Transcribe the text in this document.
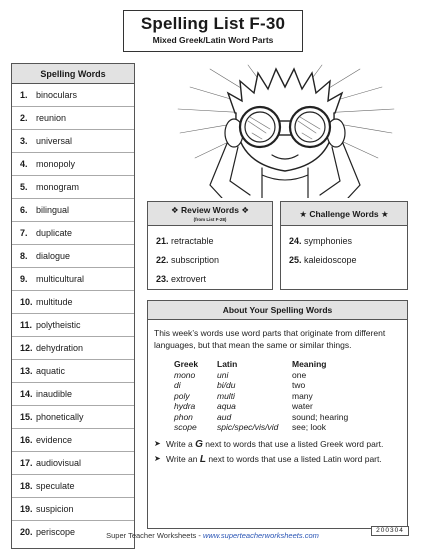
Spelling List F-30
Mixed Greek/Latin Word Parts
Spelling Words
1. binoculars
2. reunion
3. universal
4. monopoly
5. monogram
6. bilingual
7. duplicate
8. dialogue
9. multicultural
10. multitude
11. polytheistic
12. dehydration
13. aquatic
14. inaudible
15. phonetically
16. evidence
17. audiovisual
18. speculate
19. suspicion
20. periscope
❖ Review Words ❖
(from List F-28)
21. retractable
22. subscription
23. extrovert
★ Challenge Words ★
24. symphonies
25. kaleidoscope
About Your Spelling Words
This week’s words use word parts that originate from different languages, but that mean the same or similar things.
Greek	Latin	Meaning
mono	uni	one
di	bi/du	two
poly	multi	many
hydra	aqua	water
phon	aud	sound; hearing
scope	spic/spec/vis/vid	see; look
➤ Write a G next to words that use a listed Greek word part.
➤ Write an L next to words that use a listed Latin word part.
Super Teacher Worksheets - www.superteacherworksheets.com
200304
